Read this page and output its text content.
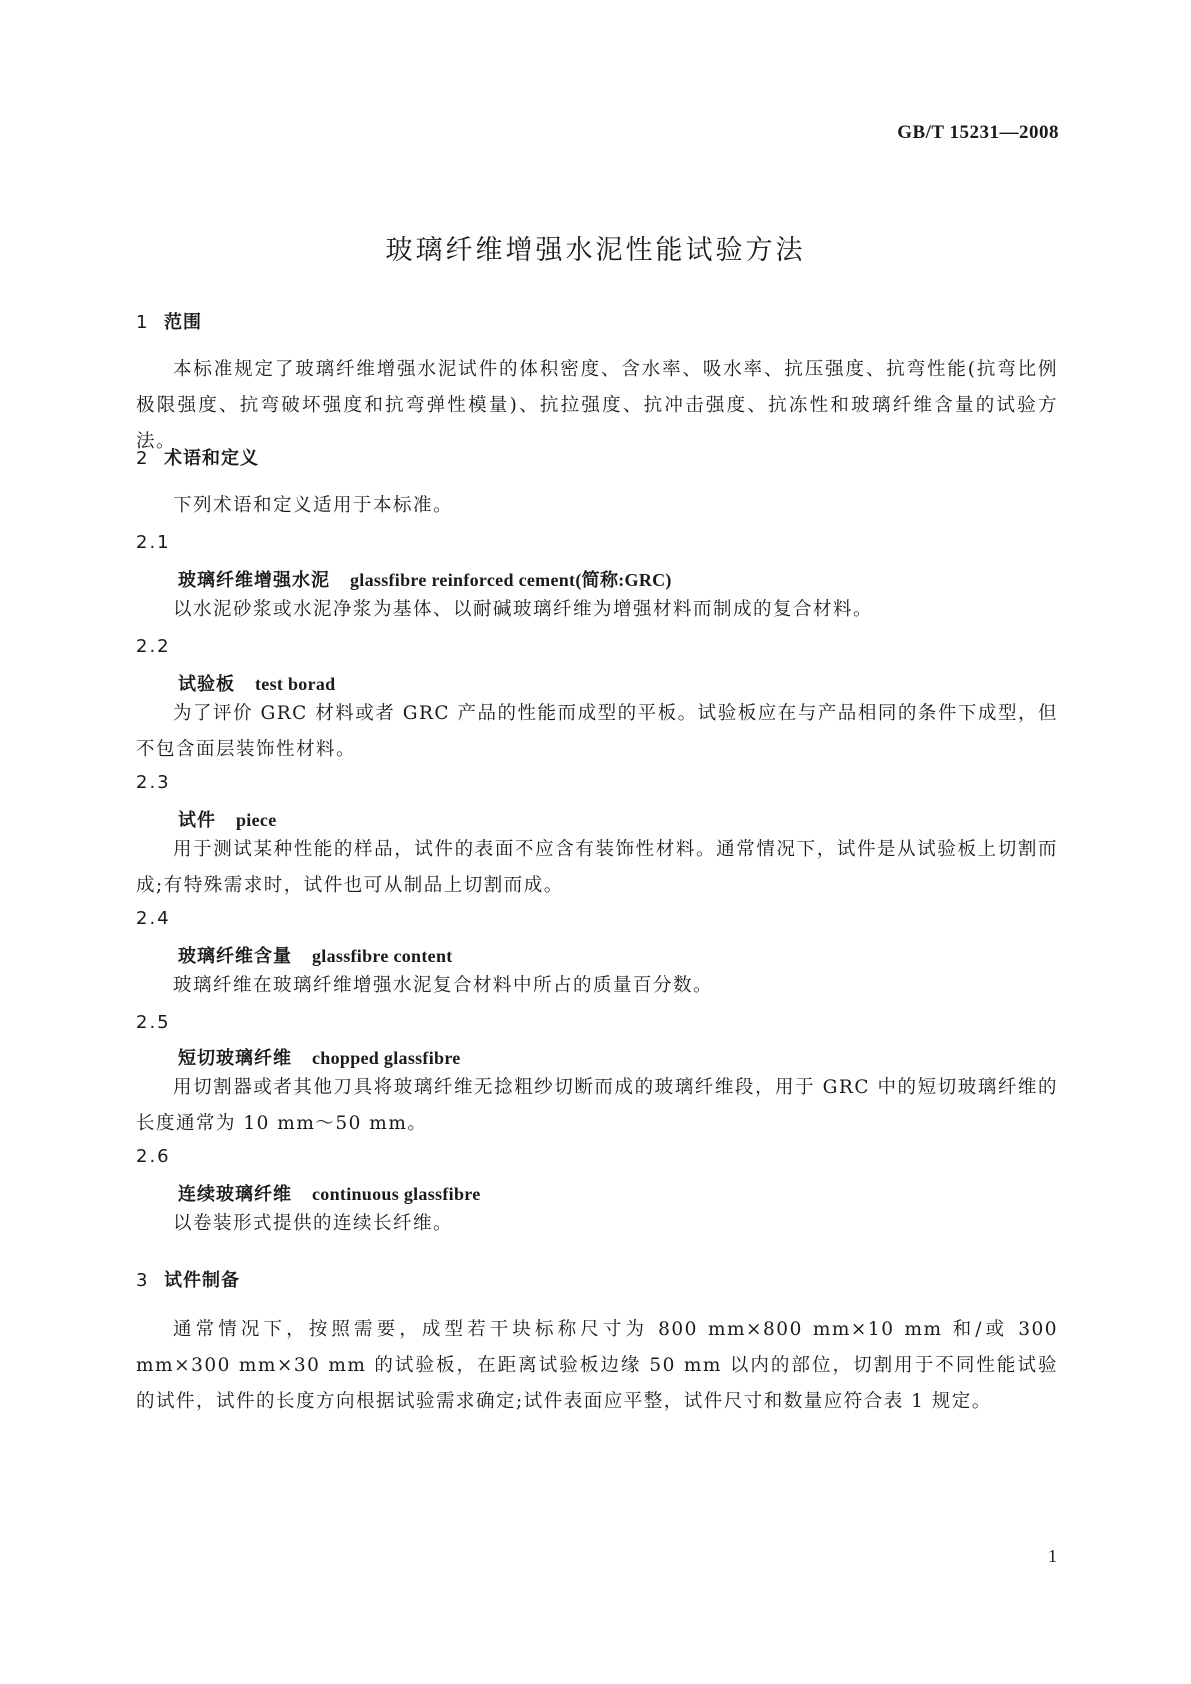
GB/T 15231—2008
玻璃纤维增强水泥性能试验方法
1 范围

本标准规定了玻璃纤维增强水泥试件的体积密度、含水率、吸水率、抗压强度、抗弯性能(抗弯比例极限强度、抗弯破坏强度和抗弯弹性模量)、抗拉强度、抗冲击强度、抗冻性和玻璃纤维含量的试验方法。

2 术语和定义

下列术语和定义适用于本标准。

2.1
玻璃纤维增强水泥 glassfibre reinforced cement(简称:GRC)

以水泥砂浆或水泥净浆为基体、以耐碱玻璃纤维为增强材料而制成的复合材料。

2.2
试验板 test borad

为了评价 GRC 材料或者 GRC 产品的性能而成型的平板。试验板应在与产品相同的条件下成型，但不包含面层装饰性材料。

2.3
试件 piece

用于测试某种性能的样品，试件的表面不应含有装饰性材料。通常情况下，试件是从试验板上切割而成;有特殊需求时，试件也可从制品上切割而成。

2.4
玻璃纤维含量 glassfibre content

玻璃纤维在玻璃纤维增强水泥复合材料中所占的质量百分数。

2.5
短切玻璃纤维 chopped glassfibre

用切割器或者其他刀具将玻璃纤维无捻粗纱切断而成的玻璃纤维段，用于 GRC 中的短切玻璃纤维的长度通常为 10 mm～50 mm。

2.6
连续玻璃纤维 continuous glassfibre

以卷装形式提供的连续长纤维。

3 试件制备

通常情况下，按照需要，成型若干块标称尺寸为 800 mm×800 mm×10 mm 和/或 300 mm×300 mm×30 mm 的试验板，在距离试验板边缘 50 mm 以内的部位，切割用于不同性能试验的试件，试件的长度方向根据试验需求确定;试件表面应平整，试件尺寸和数量应符合表 1 规定。

1
